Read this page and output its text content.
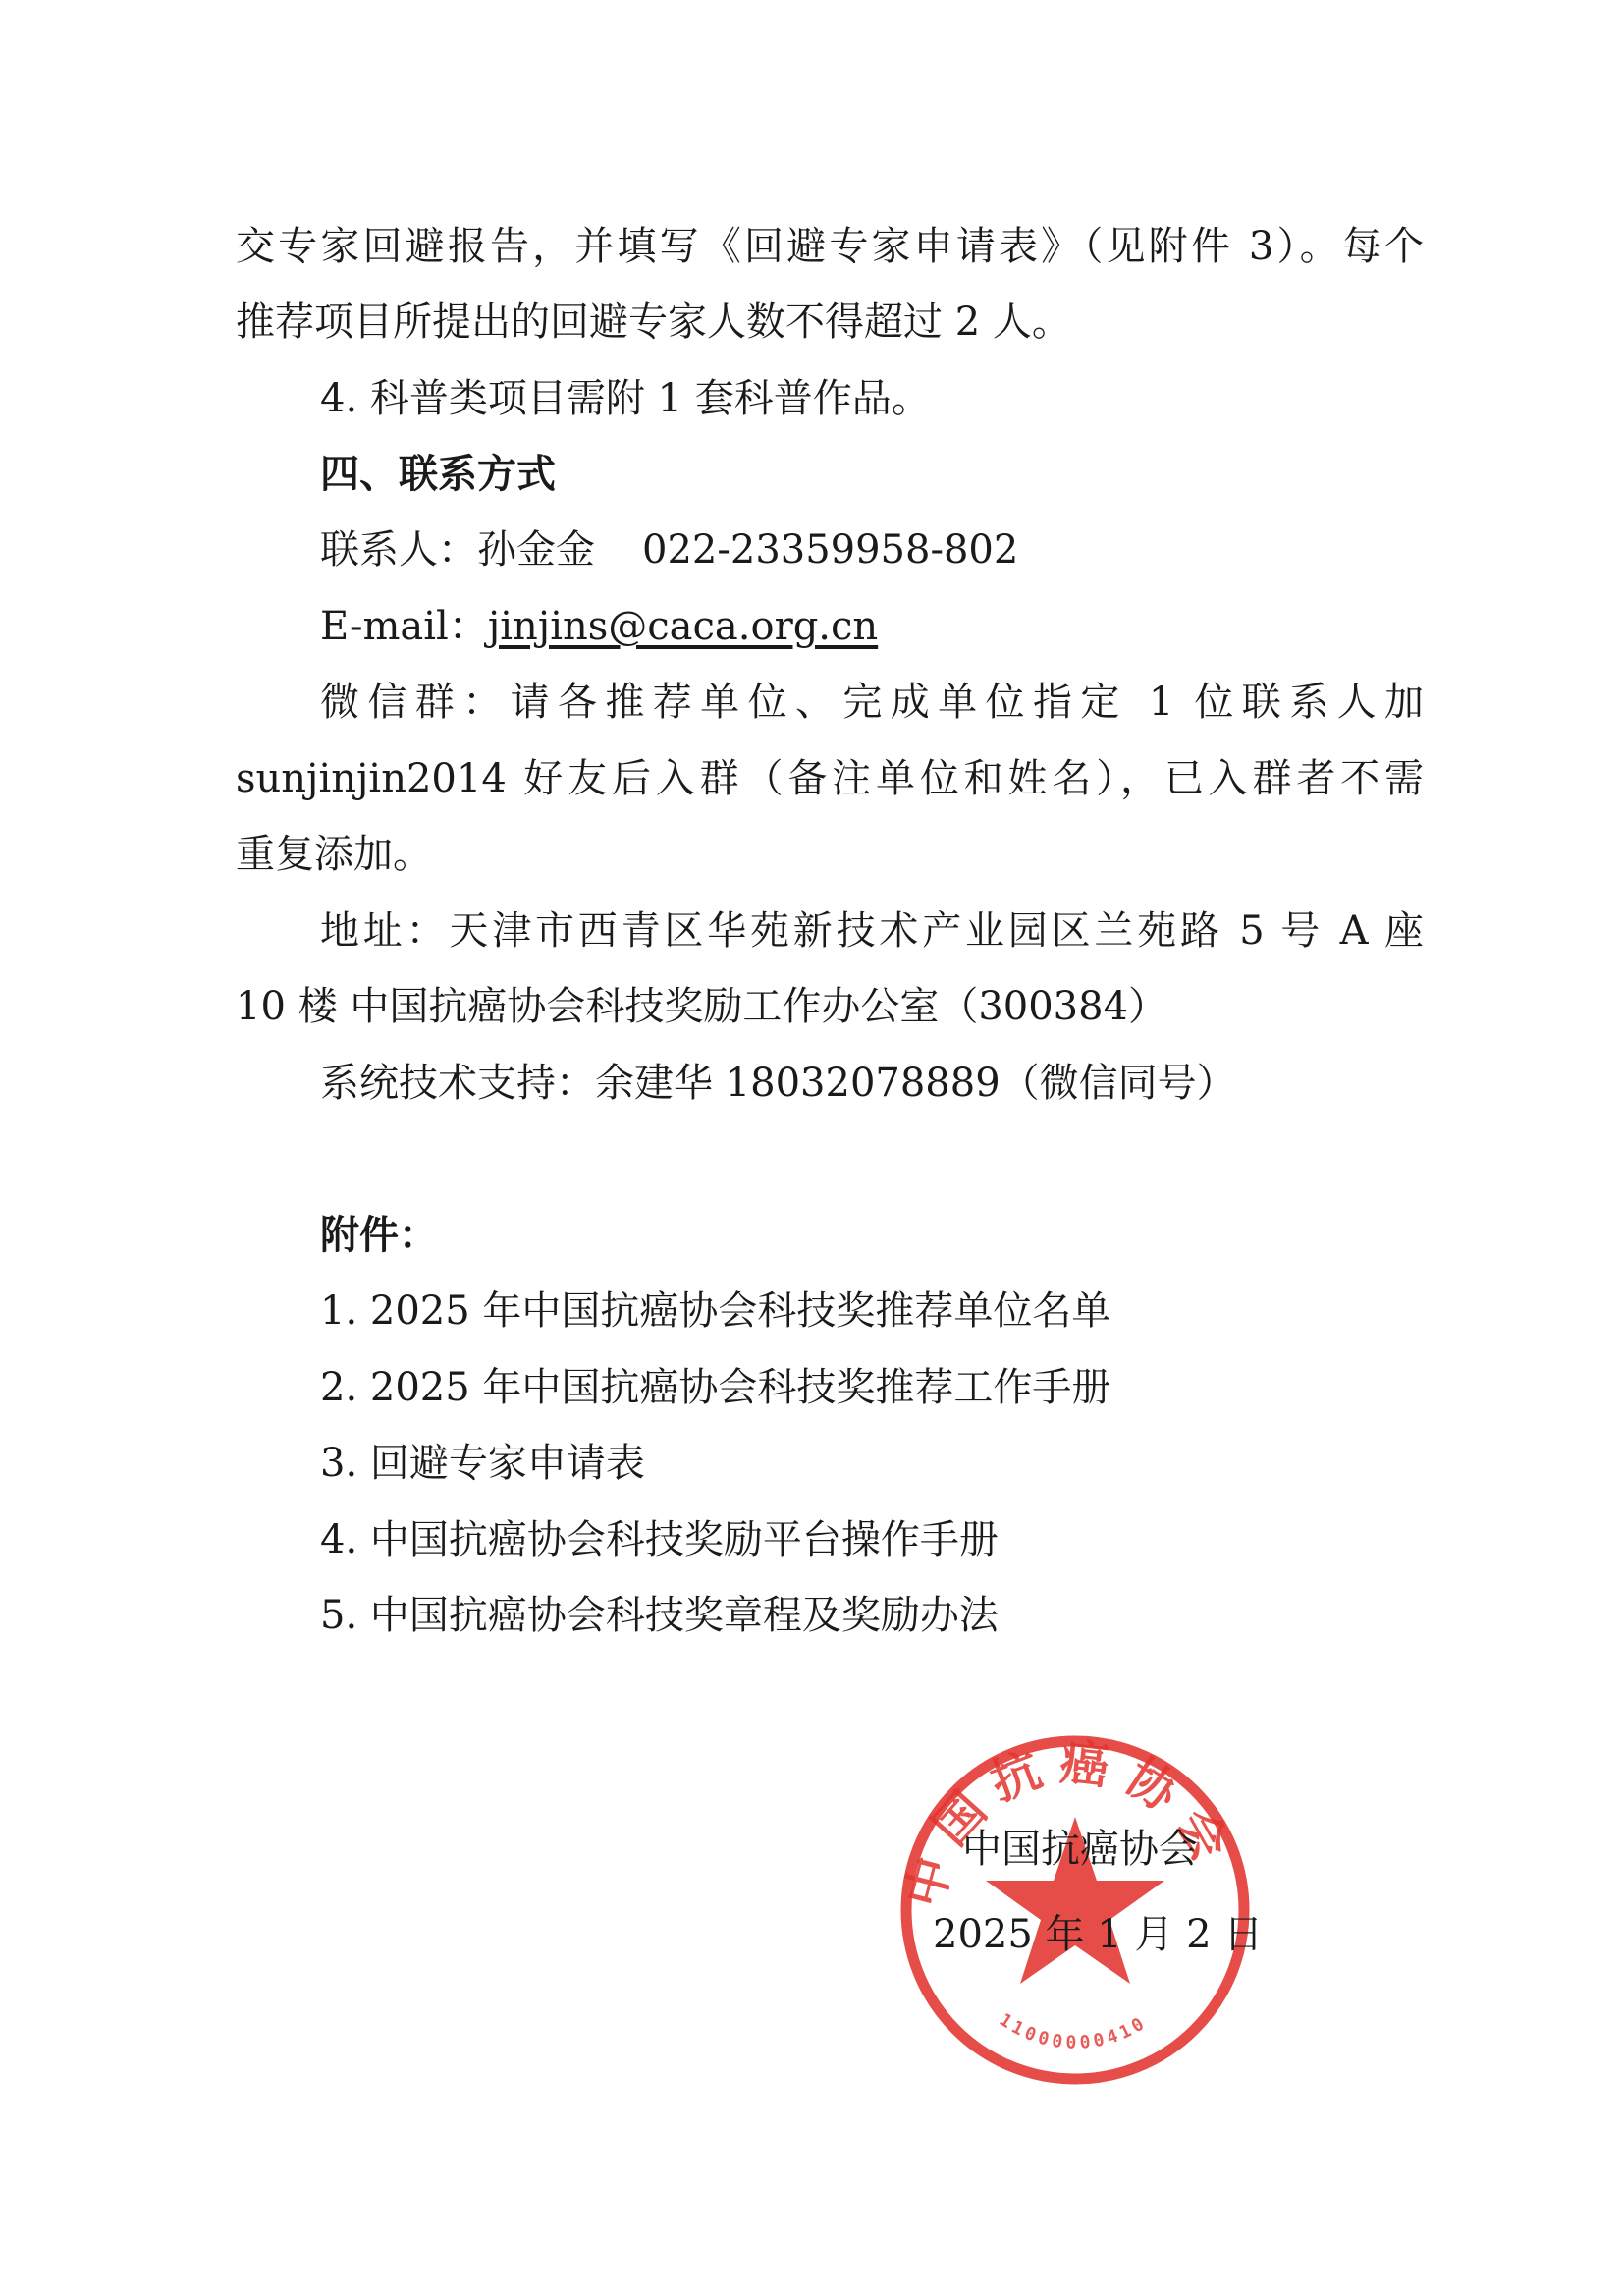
交专家回避报告，并填写《回避专家申请表》（见附件 3）。每个
推荐项目所提出的回避专家人数不得超过 2 人。
4. 科普类项目需附 1 套科普作品。
四、联系方式
联系人：孙金金 022-23359958-802
E-mail：jinjins@caca.org.cn
微信群：请各推荐单位、完成单位指定 1 位联系人加
sunjinjin2014 好友后入群（备注单位和姓名），已入群者不需
重复添加。
地址：天津市西青区华苑新技术产业园区兰苑路 5 号 A 座
10 楼 中国抗癌协会科技奖励工作办公室（300384）
系统技术支持：余建华 18032078889（微信同号）
附件：
1. 2025 年中国抗癌协会科技奖推荐单位名单
2. 2025 年中国抗癌协会科技奖推荐工作手册
3. 回避专家申请表
4. 中国抗癌协会科技奖励平台操作手册
5. 中国抗癌协会科技奖章程及奖励办法
中国抗癌协会
11000000410
中国抗癌协会
2025 年 1 月 2 日
